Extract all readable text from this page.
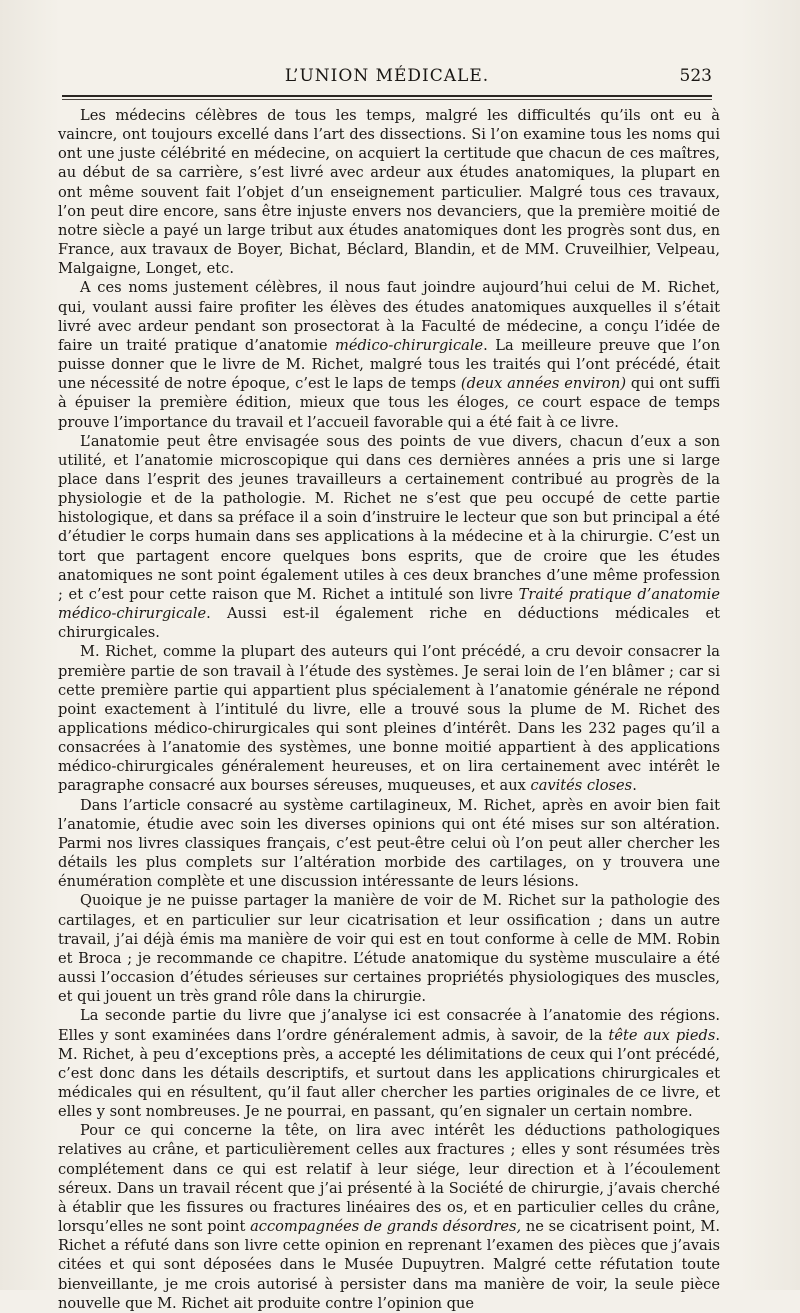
L’UNION MÉDICALE.	523

Les médecins célèbres de tous les temps, malgré les difficultés qu’ils ont eu à vaincre, ont toujours excellé dans l’art des dissections. Si l’on examine tous les noms qui ont une juste célébrité en médecine, on acquiert la certitude que chacun de ces maîtres, au début de sa carrière, s’est livré avec ardeur aux études anatomiques, la plupart en ont même souvent fait l’objet d’un enseignement particulier. Malgré tous ces travaux, l’on peut dire encore, sans être injuste envers nos devanciers, que la première moitié de notre siècle a payé un large tribut aux études anatomiques dont les progrès sont dus, en France, aux travaux de Boyer, Bichat, Béclard, Blandin, et de MM. Cruveilhier, Velpeau, Malgaigne, Longet, etc.

A ces noms justement célèbres, il nous faut joindre aujourd’hui celui de M. Richet, qui, voulant aussi faire profiter les élèves des études anatomiques auxquelles il s’était livré avec ardeur pendant son prosectorat à la Faculté de médecine, a conçu l’idée de faire un traité pratique d’anatomie médico-chirurgicale. La meilleure preuve que l’on puisse donner que le livre de M. Richet, malgré tous les traités qui l’ont précédé, était une nécessité de notre époque, c’est le laps de temps (deux années environ) qui ont suffi à épuiser la première édition, mieux que tous les éloges, ce court espace de temps prouve l’importance du travail et l’accueil favorable qui a été fait à ce livre.

L’anatomie peut être envisagée sous des points de vue divers, chacun d’eux a son utilité, et l’anatomie microscopique qui dans ces dernières années a pris une si large place dans l’esprit des jeunes travailleurs a certainement contribué au progrès de la physiologie et de la pathologie. M. Richet ne s’est que peu occupé de cette partie histologique, et dans sa préface il a soin d’instruire le lecteur que son but principal a été d’étudier le corps humain dans ses applications à la médecine et à la chirurgie. C’est un tort que partagent encore quelques bons esprits, que de croire que les études anatomiques ne sont point également utiles à ces deux branches d’une même profession ; et c’est pour cette raison que M. Richet a intitulé son livre Traité pratique d’anatomie médico-chirurgicale. Aussi est-il également riche en déductions médicales et chirurgicales.

M. Richet, comme la plupart des auteurs qui l’ont précédé, a cru devoir consacrer la première partie de son travail à l’étude des systèmes. Je serai loin de l’en blâmer ; car si cette première partie qui appartient plus spécialement à l’anatomie générale ne répond point exactement à l’intitulé du livre, elle a trouvé sous la plume de M. Richet des applications médico-chirurgicales qui sont pleines d’intérêt. Dans les 232 pages qu’il a consacrées à l’anatomie des systèmes, une bonne moitié appartient à des applications médico-chirurgicales généralement heureuses, et on lira certainement avec intérêt le paragraphe consacré aux bourses séreuses, muqueuses, et aux cavités closes.

Dans l’article consacré au système cartilagineux, M. Richet, après en avoir bien fait l’anatomie, étudie avec soin les diverses opinions qui ont été mises sur son altération. Parmi nos livres classiques français, c’est peut-être celui où l’on peut aller chercher les détails les plus complets sur l’altération morbide des cartilages, on y trouvera une énumération complète et une discussion intéressante de leurs lésions.

Quoique je ne puisse partager la manière de voir de M. Richet sur la pathologie des cartilages, et en particulier sur leur cicatrisation et leur ossification ; dans un autre travail, j’ai déjà émis ma manière de voir qui est en tout conforme à celle de MM. Robin et Broca ; je recommande ce chapitre. L’étude anatomique du système musculaire a été aussi l’occasion d’études sérieuses sur certaines propriétés physiologiques des muscles, et qui jouent un très grand rôle dans la chirurgie.

La seconde partie du livre que j’analyse ici est consacrée à l’anatomie des régions. Elles y sont examinées dans l’ordre généralement admis, à savoir, de la tête aux pieds. M. Richet, à peu d’exceptions près, a accepté les délimitations de ceux qui l’ont précédé, c’est donc dans les détails descriptifs, et surtout dans les applications chirurgicales et médicales qui en résultent, qu’il faut aller chercher les parties originales de ce livre, et elles y sont nombreuses. Je ne pourrai, en passant, qu’en signaler un certain nombre.

Pour ce qui concerne la tête, on lira avec intérêt les déductions pathologiques relatives au crâne, et particulièrement celles aux fractures ; elles y sont résumées très complétement dans ce qui est relatif à leur siége, leur direction et à l’écoulement séreux. Dans un travail récent que j’ai présenté à la Société de chirurgie, j’avais cherché à établir que les fissures ou fractures linéaires des os, et en particulier celles du crâne, lorsqu’elles ne sont point accompagnées de grands désordres, ne se cicatrisent point, M. Richet a réfuté dans son livre cette opinion en reprenant l’examen des pièces que j’avais citées et qui sont déposées dans le Musée Dupuytren. Malgré cette réfutation toute bienveillante, je me crois autorisé à persister dans ma manière de voir, la seule pièce nouvelle que M. Richet ait produite contre l’opinion que
